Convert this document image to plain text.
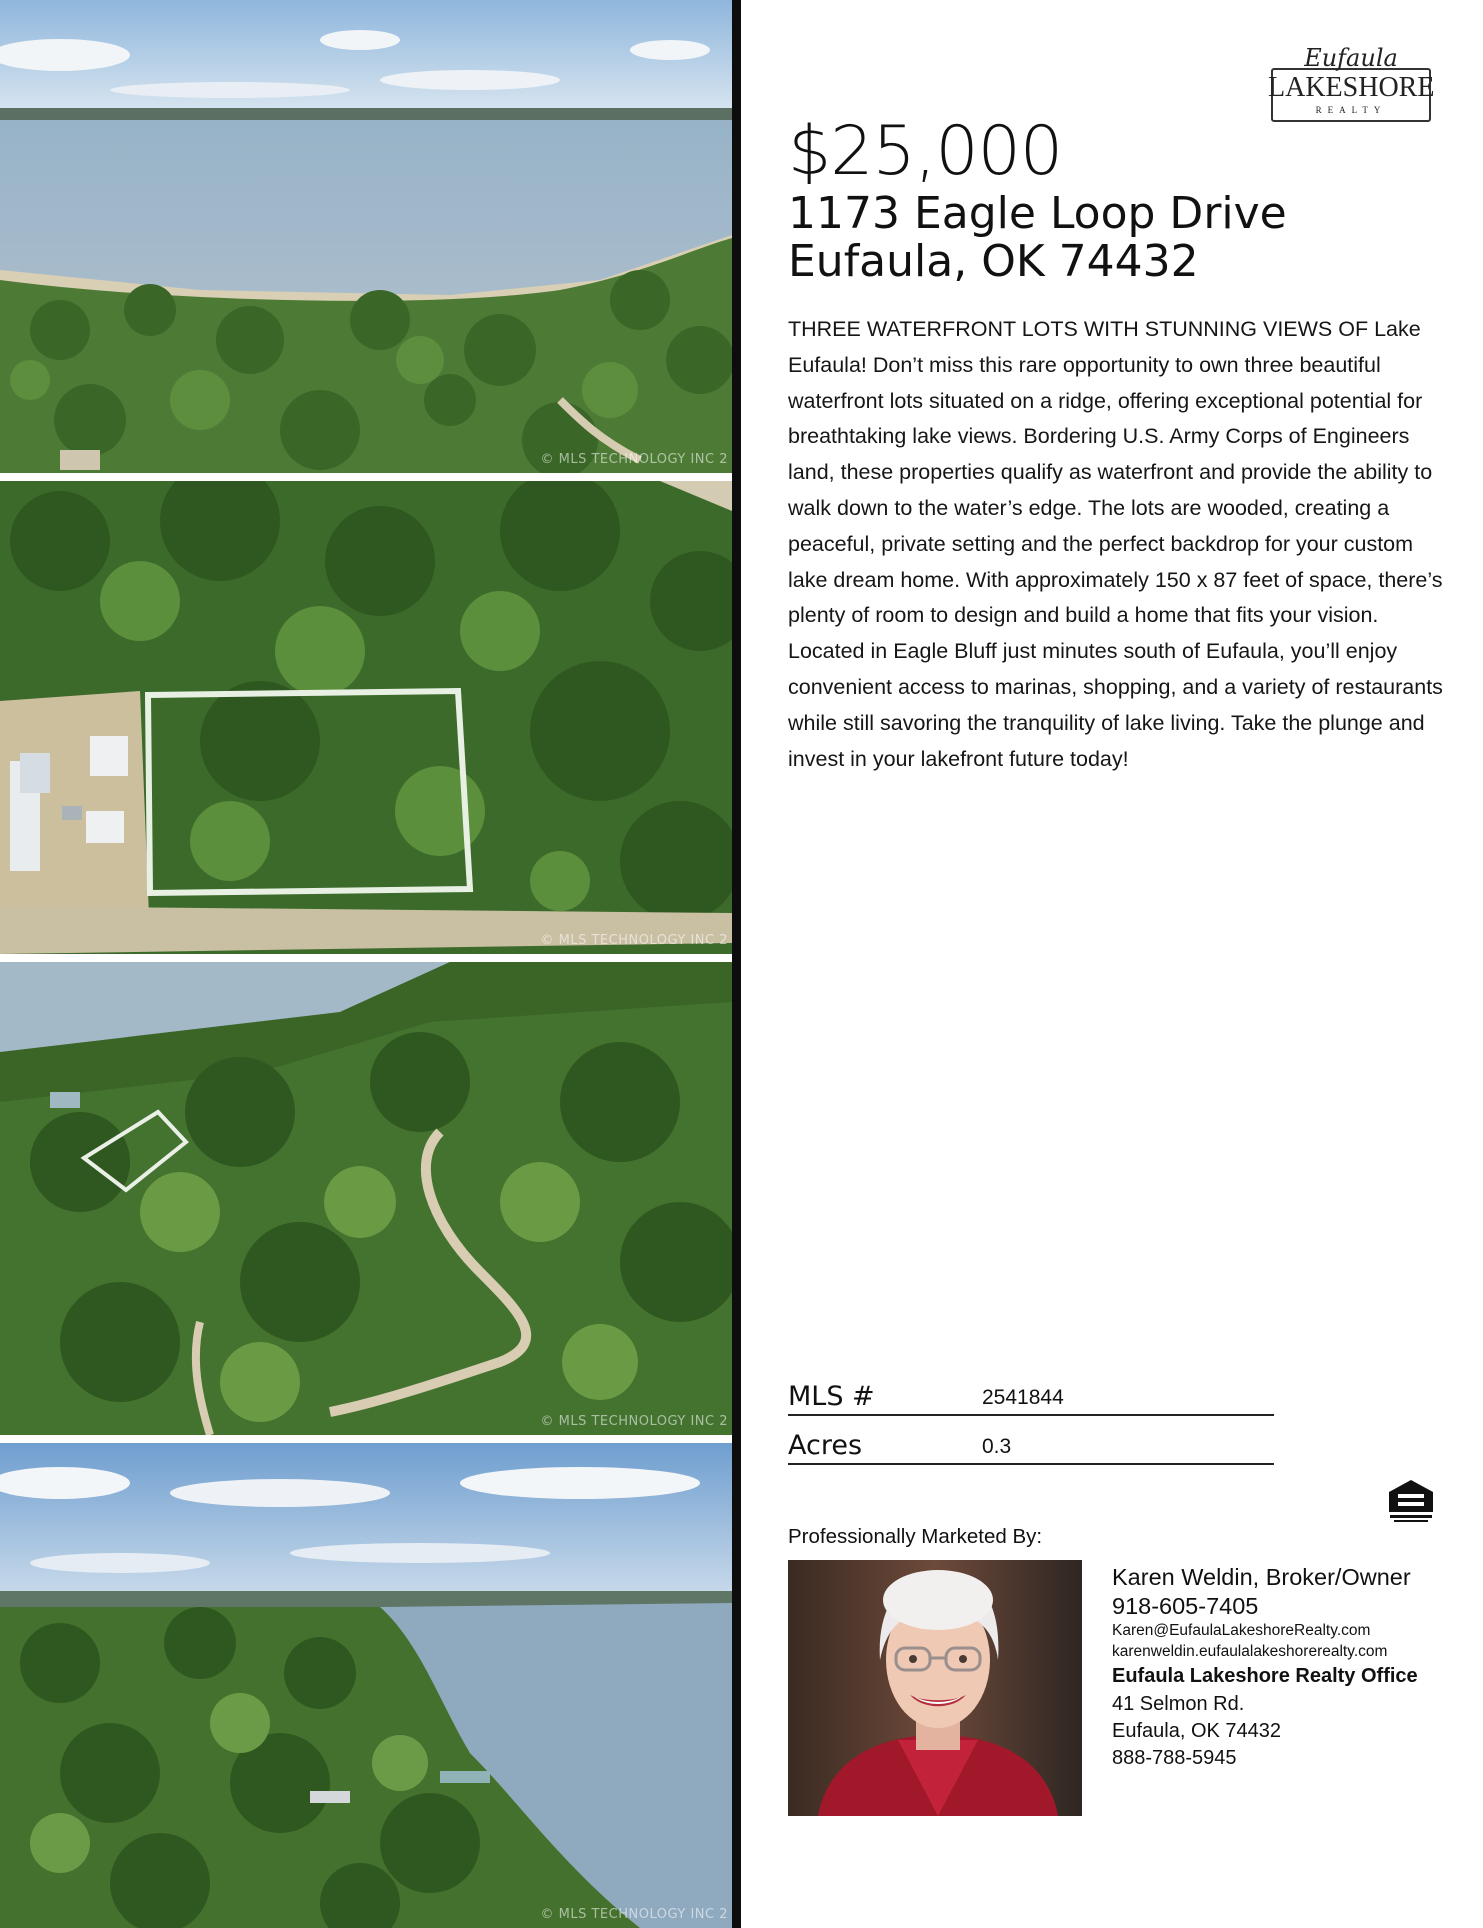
© MLS TECHNOLOGY INC 2
© MLS TECHNOLOGY INC 2
© MLS TECHNOLOGY INC 2
© MLS TECHNOLOGY INC 2
Eufaula
LAKESHORE
REALTY
$25,000
1173 Eagle Loop Drive
Eufaula, OK 74432
THREE WATERFRONT LOTS WITH STUNNING VIEWS OF Lake Eufaula! Don’t miss this rare opportunity to own three beautiful waterfront lots situated on a ridge, offering exceptional potential for breathtaking lake views. Bordering U.S. Army Corps of Engineers land, these properties qualify as waterfront and provide the ability to walk down to the water’s edge. The lots are wooded, creating a peaceful, private setting and the perfect backdrop for your custom lake dream home. With approximately 150 x 87 feet of space, there’s plenty of room to design and build a home that fits your vision. Located in Eagle Bluff just minutes south of Eufaula, you’ll enjoy convenient access to marinas, shopping, and a variety of restaurants while still savoring the tranquility of lake living. Take the plunge and invest in your lakefront future today!
MLS #	2541844
Acres	0.3
Professionally Marketed By:
Karen Weldin, Broker/Owner
918-605-7405
Karen@EufaulaLakeshoreRealty.com
karenweldin.eufaulalakeshorerealty.com
Eufaula Lakeshore Realty Office
41 Selmon Rd.
Eufaula, OK 74432
888-788-5945
